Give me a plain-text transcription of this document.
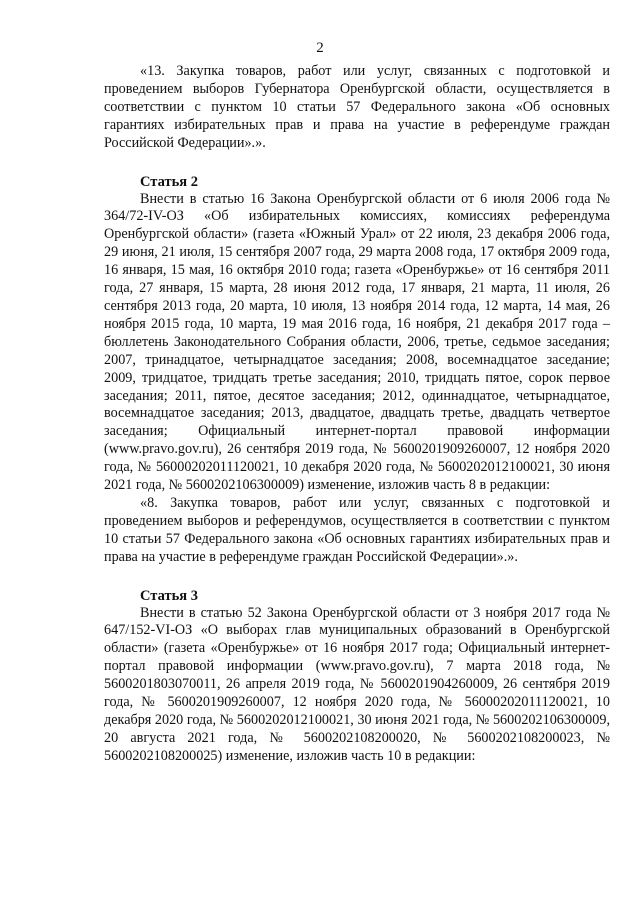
2

«13. Закупка товаров, работ или услуг, связанных с подготовкой и проведением выборов Губернатора Оренбургской области, осуществляется в соответствии с пунктом 10 статьи 57 Федерального закона «Об основных гарантиях избирательных прав и права на участие в референдуме граждан Российской Федерации».».

Статья 2

Внести в статью 16 Закона Оренбургской области от 6 июля 2006 года № 364/72-IV-ОЗ «Об избирательных комиссиях, комиссиях референдума Оренбургской области» (газета «Южный Урал» от 22 июля, 23 декабря 2006 года, 29 июня, 21 июля, 15 сентября 2007 года, 29 марта 2008 года, 17 октября 2009 года, 16 января, 15 мая, 16 октября 2010 года; газета «Оренбуржье» от 16 сентября 2011 года, 27 января, 15 марта, 28 июня 2012 года, 17 января, 21 марта, 11 июля, 26 сентября 2013 года, 20 марта, 10 июля, 13 ноября 2014 года, 12 марта, 14 мая, 26 ноября 2015 года, 10 марта, 19 мая 2016 года, 16 ноября, 21 декабря 2017 года – бюллетень Законодательного Собрания области, 2006, третье, седьмое заседания; 2007, тринадцатое, четырнадцатое заседания; 2008, восемнадцатое заседание; 2009, тридцатое, тридцать третье заседания; 2010, тридцать пятое, сорок первое заседания; 2011, пятое, десятое заседания; 2012, одиннадцатое, четырнадцатое, восемнадцатое заседания; 2013, двадцатое, двадцать третье, двадцать четвертое заседания; Официальный интернет-портал правовой информации (www.pravo.gov.ru), 26 сентября 2019 года, № 5600201909260007, 12 ноября 2020 года, № 56000202011120021, 10 декабря 2020 года, № 5600202012100021, 30 июня 2021 года, № 5600202106300009) изменение, изложив часть 8 в редакции:

«8. Закупка товаров, работ или услуг, связанных с подготовкой и проведением выборов и референдумов, осуществляется в соответствии с пунктом 10 статьи 57 Федерального закона «Об основных гарантиях избирательных прав и права на участие в референдуме граждан Российской Федерации».».

Статья 3

Внести в статью 52 Закона Оренбургской области от 3 ноября 2017 года № 647/152-VI-ОЗ «О выборах глав муниципальных образований в Оренбургской области» (газета «Оренбуржье» от 16 ноября 2017 года; Официальный интернет-портал правовой информации (www.pravo.gov.ru), 7 марта 2018 года, № 5600201803070011, 26 апреля 2019 года, № 5600201904260009, 26 сентября 2019 года, № 5600201909260007, 12 ноября 2020 года, № 56000202011120021, 10 декабря 2020 года, № 5600202012100021, 30 июня 2021 года, № 5600202106300009, 20 августа 2021 года, № 5600202108200020, № 5600202108200023, № 5600202108200025) изменение, изложив часть 10 в редакции:
